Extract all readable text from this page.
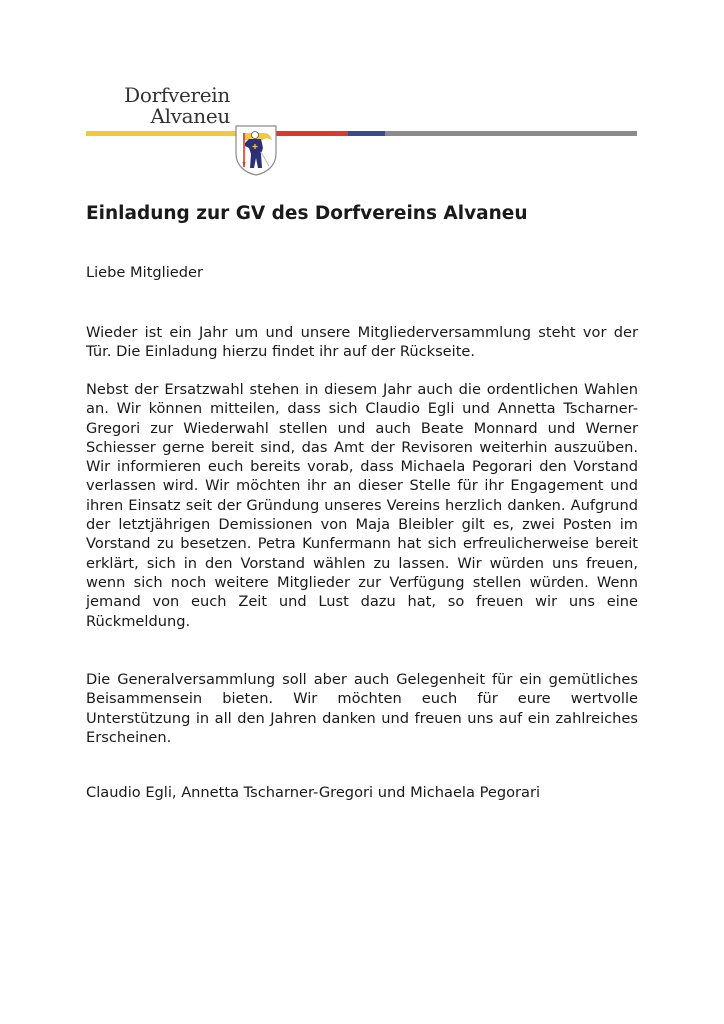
Dorfverein
Alvaneu
Einladung zur GV des Dorfvereins Alvaneu

Liebe Mitglieder

Wieder ist ein Jahr um und unsere Mitgliederversammlung steht vor der Tür. Die Einladung hierzu findet ihr auf der Rückseite.

Nebst der Ersatzwahl stehen in diesem Jahr auch die ordentlichen Wahlen an. Wir können mitteilen, dass sich Claudio Egli und Annetta Tscharner-Gregori zur Wiederwahl stellen und auch Beate Monnard und Werner Schiesser gerne bereit sind, das Amt der Revisoren weiterhin auszuüben. Wir informieren euch bereits vorab, dass Michaela Pegorari den Vorstand verlassen wird. Wir möchten ihr an dieser Stelle für ihr Engagement und ihren Einsatz seit der Gründung unseres Vereins herzlich danken. Aufgrund der letztjährigen Demissionen von Maja Bleibler gilt es, zwei Posten im Vorstand zu besetzen. Petra Kunfermann hat sich erfreulicherweise bereit erklärt, sich in den Vorstand wählen zu lassen. Wir würden uns freuen, wenn sich noch weitere Mitglieder zur Verfügung stellen würden. Wenn jemand von euch Zeit und Lust dazu hat, so freuen wir uns eine Rückmeldung.

Die Generalversammlung soll aber auch Gelegenheit für ein gemütliches Beisammensein bieten. Wir möchten euch für eure wertvolle Unterstützung in all den Jahren danken und freuen uns auf ein zahlreiches Erscheinen.

Claudio Egli, Annetta Tscharner-Gregori und Michaela Pegorari
